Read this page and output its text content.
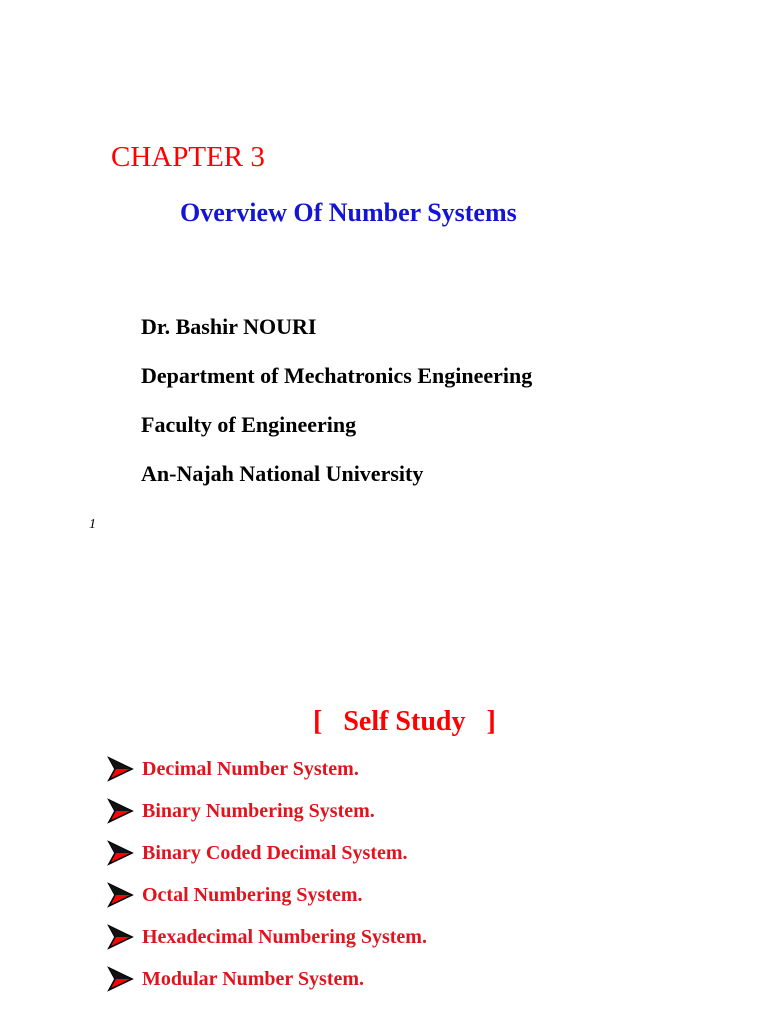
CHAPTER 3
Overview Of Number Systems
Dr. Bashir NOURI
Department of Mechatronics Engineering
Faculty of Engineering
An-Najah National University
1
[   Self Study   ]
Decimal Number System.
Binary Numbering System.
Binary Coded Decimal System.
Octal Numbering System.
Hexadecimal Numbering System.
Modular Number System.
